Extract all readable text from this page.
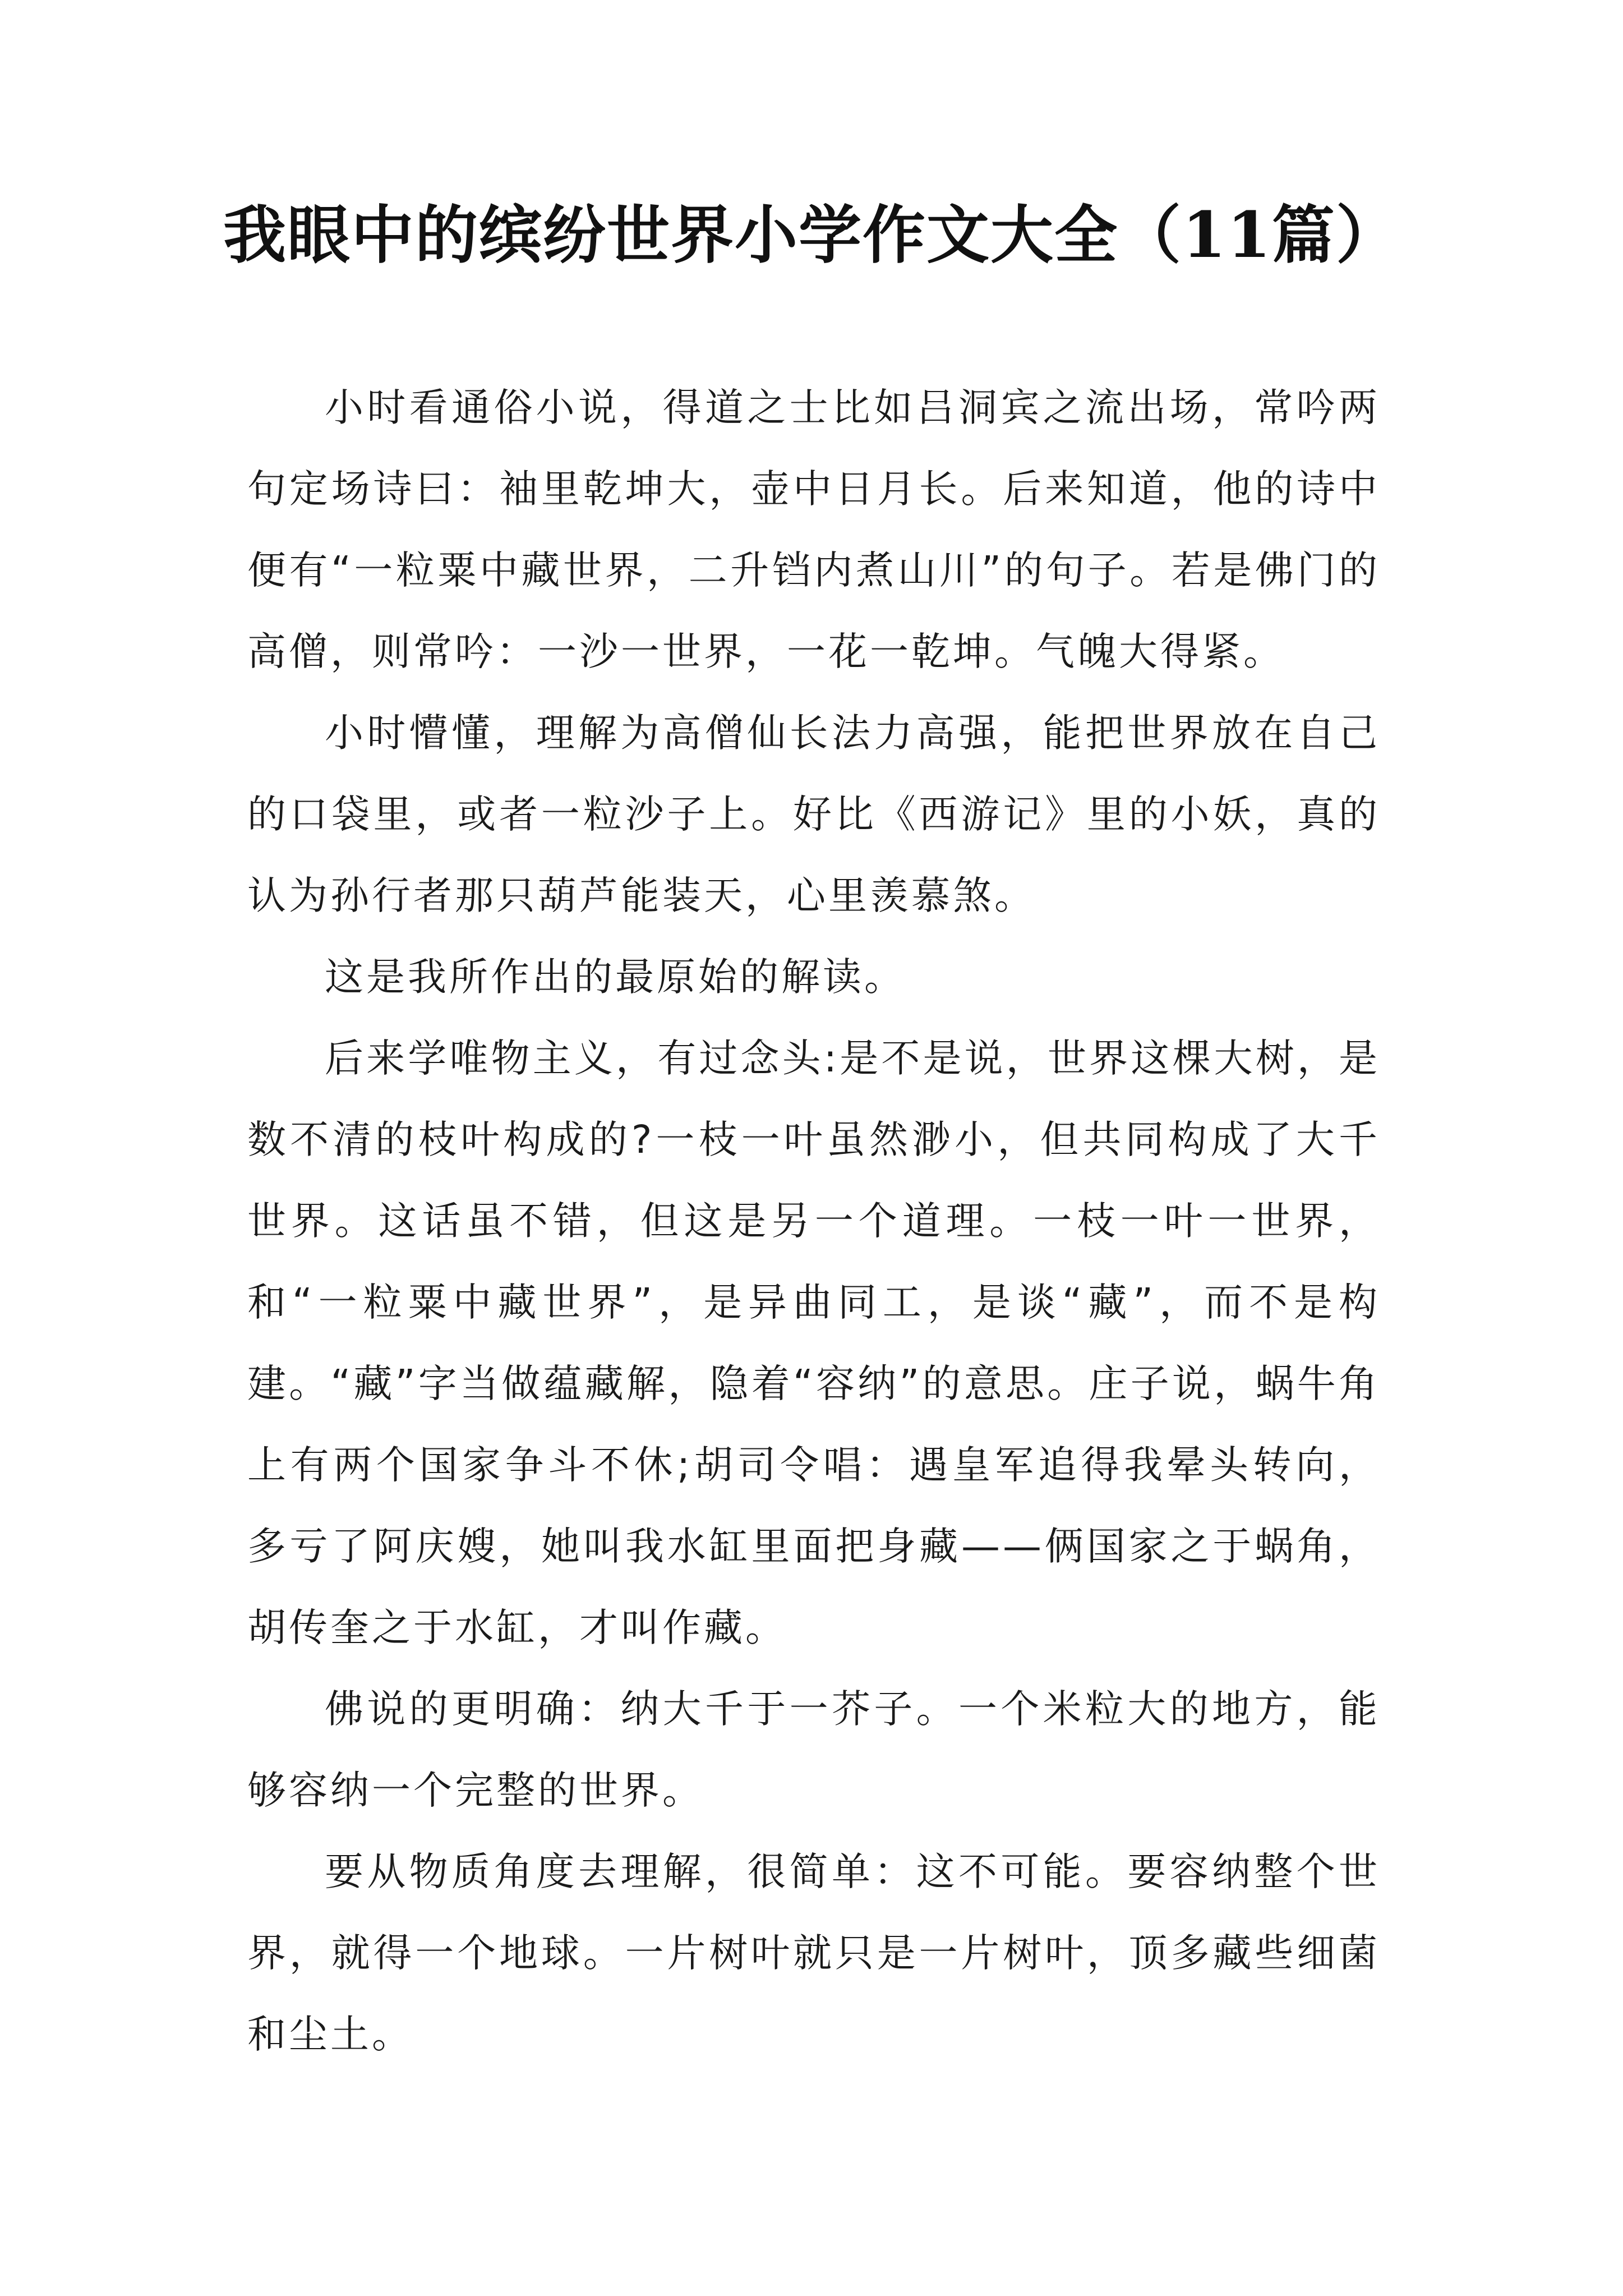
我眼中的缤纷世界小学作文大全（11篇）

小时看通俗小说，得道之士比如吕洞宾之流出场，常吟两句定场诗曰：袖里乾坤大，壶中日月长。后来知道，他的诗中便有“一粒粟中藏世界，二升铛内煮山川”的句子。若是佛门的高僧，则常吟：一沙一世界，一花一乾坤。气魄大得紧。

小时懵懂，理解为高僧仙长法力高强，能把世界放在自己的口袋里，或者一粒沙子上。好比《西游记》里的小妖，真的认为孙行者那只葫芦能装天，心里羡慕煞。

这是我所作出的最原始的解读。

后来学唯物主义，有过念头:是不是说，世界这棵大树，是数不清的枝叶构成的?一枝一叶虽然渺小，但共同构成了大千世界。这话虽不错，但这是另一个道理。一枝一叶一世界，和“一粒粟中藏世界”，是异曲同工，是谈“藏”，而不是构建。“藏”字当做蕴藏解，隐着“容纳”的意思。庄子说，蜗牛角上有两个国家争斗不休;胡司令唱：遇皇军追得我晕头转向，多亏了阿庆嫂，她叫我水缸里面把身藏——俩国家之于蜗角，胡传奎之于水缸，才叫作藏。

佛说的更明确：纳大千于一芥子。一个米粒大的地方，能够容纳一个完整的世界。

要从物质角度去理解，很简单：这不可能。要容纳整个世界，就得一个地球。一片树叶就只是一片树叶，顶多藏些细菌和尘土。
